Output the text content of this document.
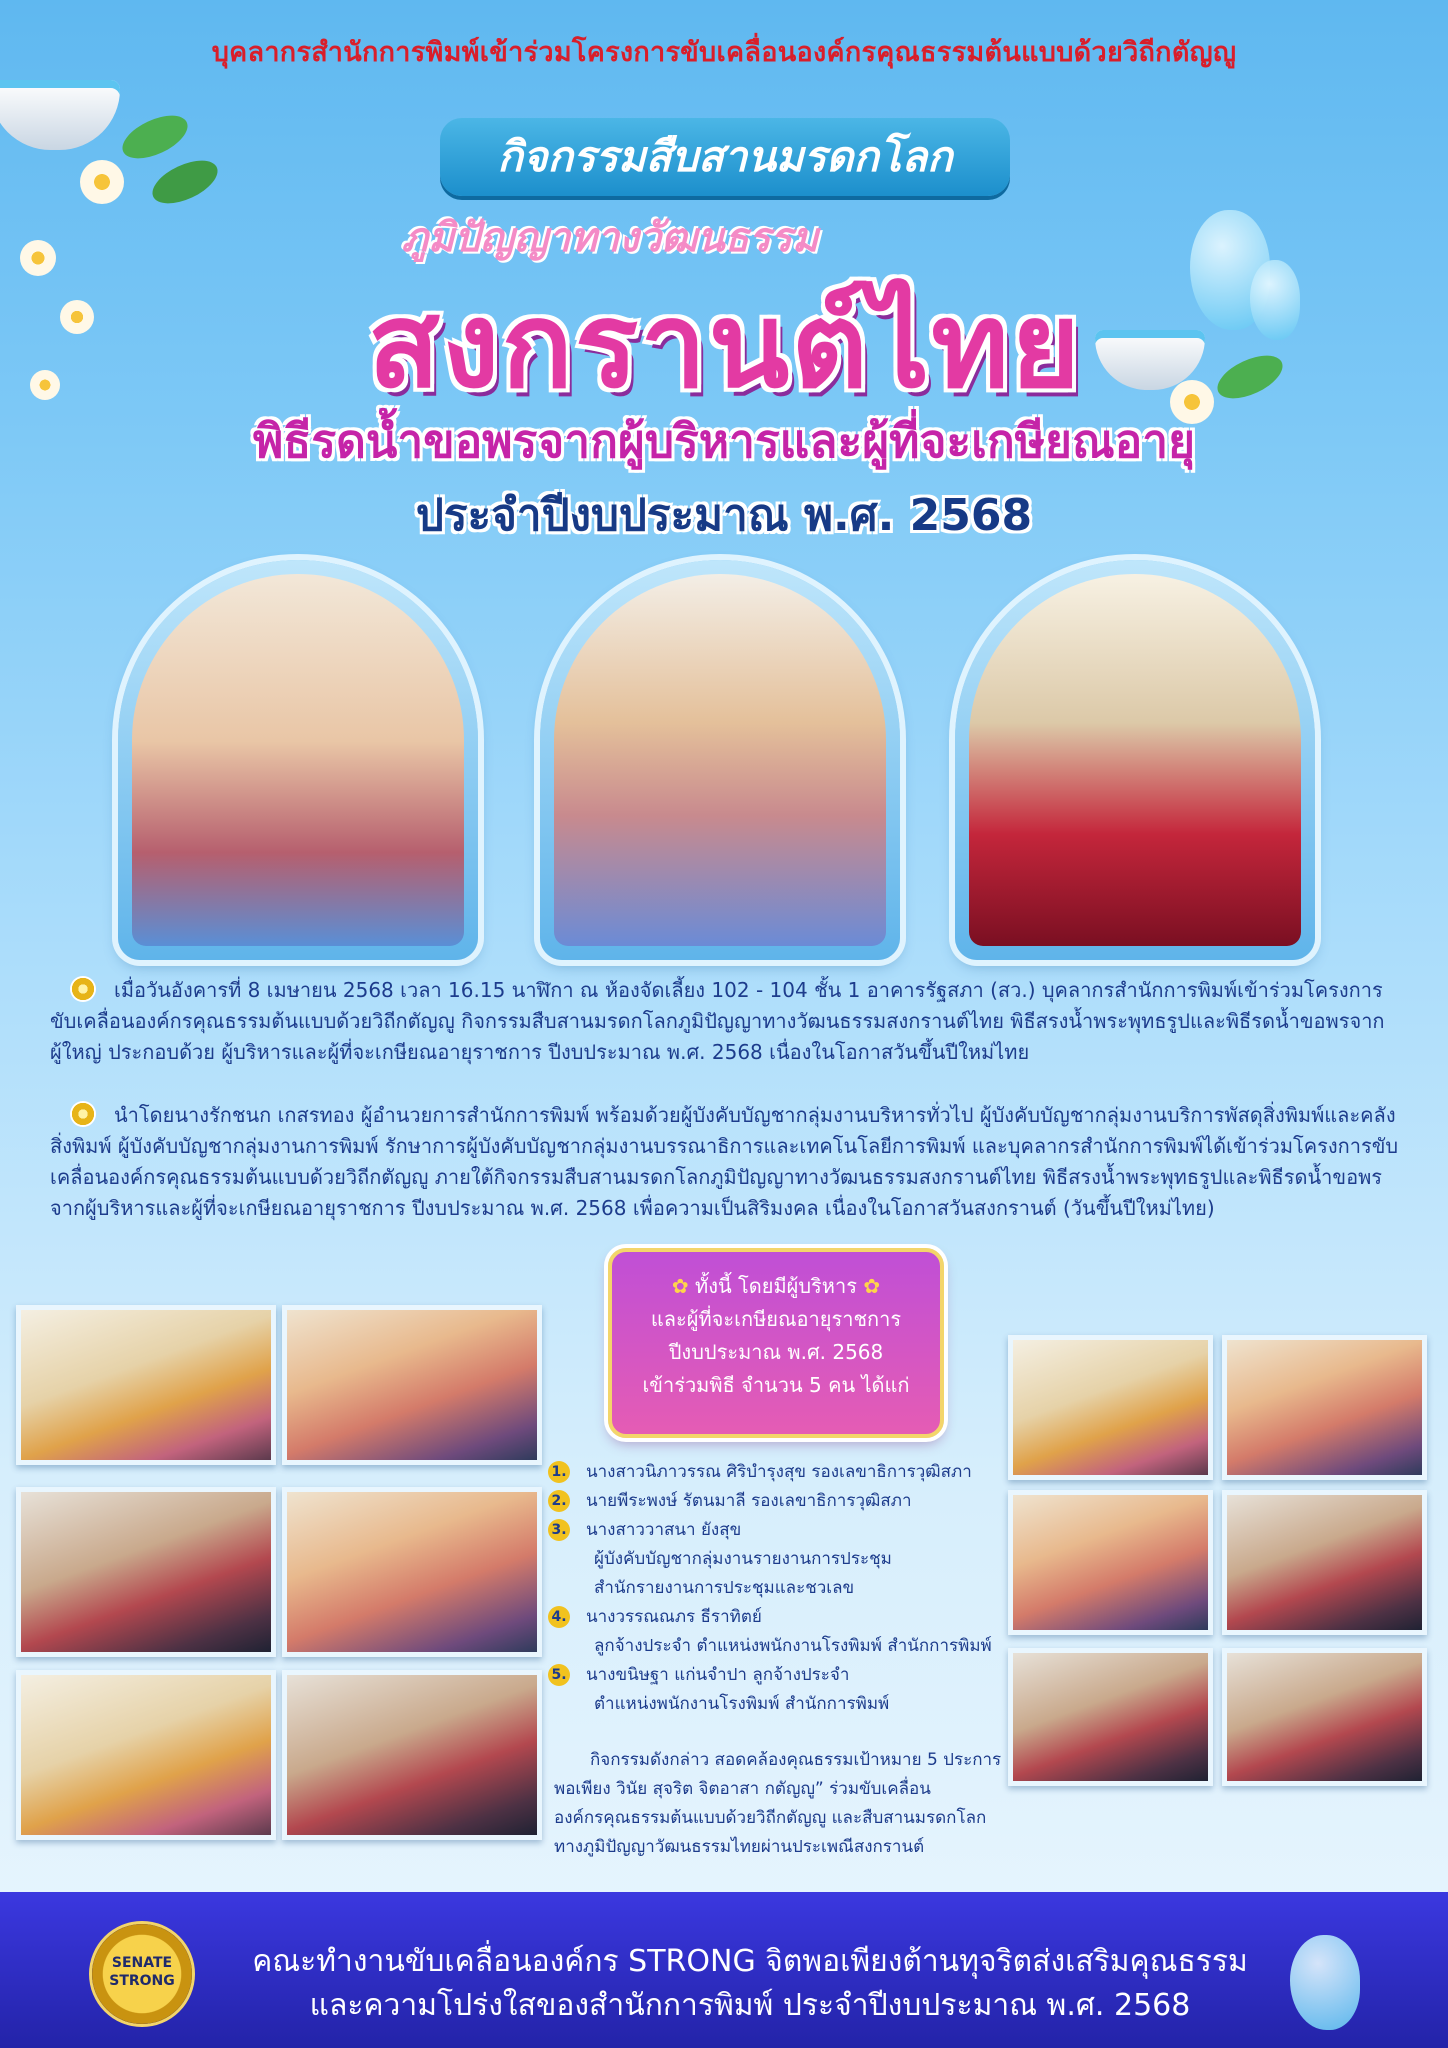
บุคลากรสำนักการพิมพ์เข้าร่วมโครงการขับเคลื่อนองค์กรคุณธรรมต้นแบบด้วยวิถีกตัญญู
กิจกรรมสืบสานมรดกโลก
ภูมิปัญญาทางวัฒนธรรม
สงกรานต์ไทย
พิธีรดน้ำขอพรจากผู้บริหารและผู้ที่จะเกษียณอายุ
ประจำปีงบประมาณ พ.ศ. 2568
เมื่อวันอังคารที่ 8 เมษายน 2568 เวลา 16.15 นาฬิกา ณ ห้องจัดเลี้ยง 102 - 104 ชั้น 1 อาคารรัฐสภา (สว.) บุคลากรสำนักการพิมพ์เข้าร่วมโครงการขับเคลื่อนองค์กรคุณธรรมต้นแบบด้วยวิถีกตัญญู กิจกรรมสืบสานมรดกโลกภูมิปัญญาทางวัฒนธรรมสงกรานต์ไทย พิธีสรงน้ำพระพุทธรูปและพิธีรดน้ำขอพรจากผู้ใหญ่ ประกอบด้วย ผู้บริหารและผู้ที่จะเกษียณอายุราชการ ปีงบประมาณ พ.ศ. 2568 เนื่องในโอกาสวันขึ้นปีใหม่ไทย
นำโดยนางรักชนก เกสรทอง ผู้อำนวยการสำนักการพิมพ์ พร้อมด้วยผู้บังคับบัญชากลุ่มงานบริหารทั่วไป ผู้บังคับบัญชากลุ่มงานบริการพัสดุสิ่งพิมพ์และคลังสิ่งพิมพ์ ผู้บังคับบัญชากลุ่มงานการพิมพ์ รักษาการผู้บังคับบัญชากลุ่มงานบรรณาธิการและเทคโนโลยีการพิมพ์ และบุคลากรสำนักการพิมพ์ได้เข้าร่วมโครงการขับเคลื่อนองค์กรคุณธรรมต้นแบบด้วยวิถีกตัญญู ภายใต้กิจกรรมสืบสานมรดกโลกภูมิปัญญาทางวัฒนธรรมสงกรานต์ไทย พิธีสรงน้ำพระพุทธรูปและพิธีรดน้ำขอพรจากผู้บริหารและผู้ที่จะเกษียณอายุราชการ ปีงบประมาณ พ.ศ. 2568 เพื่อความเป็นสิริมงคล เนื่องในโอกาสวันสงกรานต์ (วันขึ้นปีใหม่ไทย)
✿ ทั้งนี้ โดยมีผู้บริหาร ✿
และผู้ที่จะเกษียณอายุราชการ
ปีงบประมาณ พ.ศ. 2568
เข้าร่วมพิธี จำนวน 5 คน ได้แก่
1. นางสาวนิภาวรรณ ศิริบำรุงสุข รองเลขาธิการวุฒิสภา
2. นายพีระพงษ์ รัตนมาลี รองเลขาธิการวุฒิสภา
3. นางสาววาสนา ยังสุข
ผู้บังคับบัญชากลุ่มงานรายงานการประชุม
สำนักรายงานการประชุมและชวเลข
4. นางวรรณณภร ธีราทิตย์
ลูกจ้างประจำ ตำแหน่งพนักงานโรงพิมพ์ สำนักการพิมพ์
5. นางขนิษฐา แก่นจำปา ลูกจ้างประจำ
ตำแหน่งพนักงานโรงพิมพ์ สำนักการพิมพ์
กิจกรรมดังกล่าว สอดคล้องคุณธรรมเป้าหมาย 5 ประการ
พอเพียง วินัย สุจริต จิตอาสา กตัญญู” ร่วมขับเคลื่อน
องค์กรคุณธรรมต้นแบบด้วยวิถีกตัญญู และสืบสานมรดกโลก
ทางภูมิปัญญาวัฒนธรรมไทยผ่านประเพณีสงกรานต์
SENATE
STRONG
คณะทำงานขับเคลื่อนองค์กร STRONG จิตพอเพียงต้านทุจริตส่งเสริมคุณธรรม
และความโปร่งใสของสำนักการพิมพ์ ประจำปีงบประมาณ พ.ศ. 2568
